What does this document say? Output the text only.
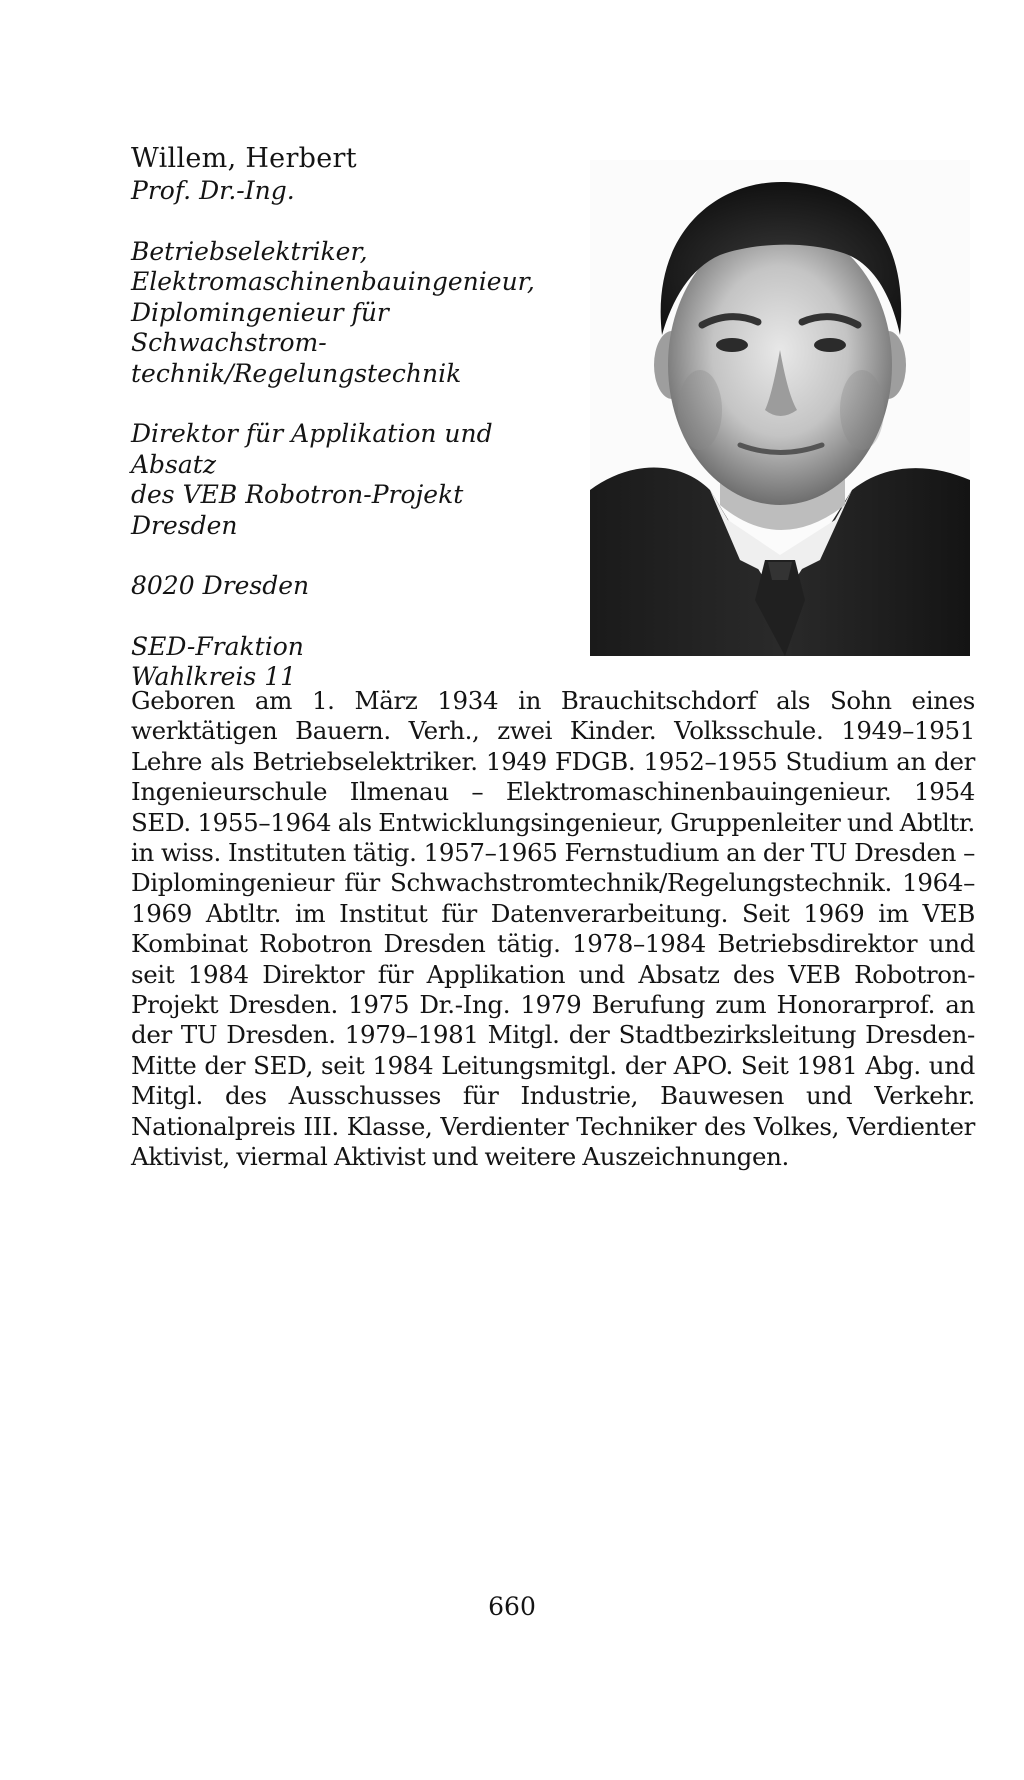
Willem, Herbert

Prof. Dr.-Ing.

Betriebselektriker,

Elektromaschinenbauingenieur,

Diplomingenieur für Schwachstrom-

technik/Regelungstechnik

Direktor für Applikation und Absatz

des VEB Robotron-Projekt Dresden

8020 Dresden

SED-Fraktion

Wahlkreis 11

Geboren am 1. März 1934 in Brauchitschdorf als Sohn eines werktätigen Bauern. Verh., zwei Kinder. Volksschule. 1949–1951 Lehre als Betriebselektriker. 1949 FDGB. 1952–1955 Studium an der Ingenieurschule Ilmenau – Elektromaschinenbauingenieur. 1954 SED. 1955–1964 als Entwicklungsingenieur, Gruppenleiter und Abtltr. in wiss. Instituten tätig. 1957–1965 Fernstudium an der TU Dresden – Diplomingenieur für Schwachstromtechnik/Regelungstechnik. 1964–1969 Abtltr. im Institut für Datenverarbeitung. Seit 1969 im VEB Kombinat Robotron Dresden tätig. 1978–1984 Betriebsdirektor und seit 1984 Direktor für Applikation und Absatz des VEB Robotron-Projekt Dresden. 1975 Dr.-Ing. 1979 Berufung zum Honorarprof. an der TU Dresden. 1979–1981 Mitgl. der Stadtbezirksleitung Dresden-Mitte der SED, seit 1984 Leitungsmitgl. der APO. Seit 1981 Abg. und Mitgl. des Ausschusses für Industrie, Bauwesen und Verkehr. Nationalpreis III. Klasse, Verdienter Techniker des Volkes, Verdienter Aktivist, viermal Aktivist und weitere Auszeichnungen.

660
